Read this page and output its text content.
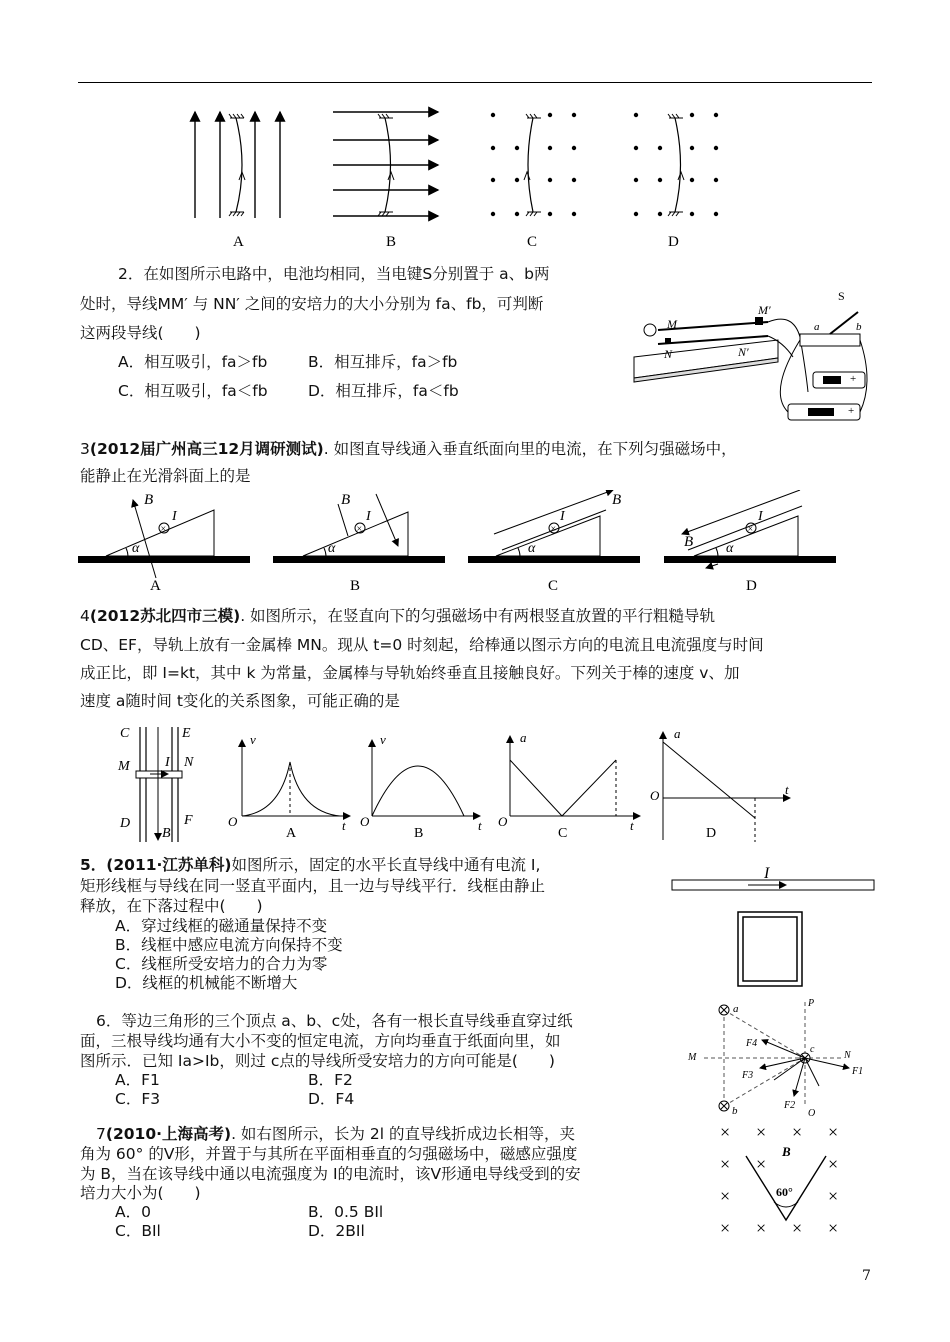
A	B	C	D
2．在如图所示电路中，电池均相同，当电键S分别置于 a、b两
处时，导线MM′ 与 NN′ 之间的安培力的大小分别为 fa、fb，可判断
这两段导线(　　)
A．相互吸引，fa＞fb	B．相互排斥，fa＞fb
C．相互吸引，fa＜fb	D．相互排斥，fa＜fb
M
M′
N	N′
S
a	b
+
+
3(2012届广州高三12月调研测试). 如图直导线通入垂直纸面向里的电流，在下列匀强磁场中，
能静止在光滑斜面上的是
×
B
I
α
×
B
I
α
×
B
I
α
×
B
I
α
A	B	C	D
4(2012苏北四市三模). 如图所示，在竖直向下的匀强磁场中有两根竖直放置的平行粗糙导轨
CD、EF，导轨上放有一金属棒 MN。现从 t=0 时刻起，给棒通以图示方向的电流且电流强度与时间
成正比，即 I=kt，其中 k 为常量，金属棒与导轨始终垂直且接触良好。下列关于棒的速度 v、加
速度 a随时间 t变化的关系图象，可能正确的是
C	E
M	I N
D	F
B
v
t
O
A
v
t
O
B
a
t
O
C
a
t
O
D
5．(2011·江苏单科)如图所示，固定的水平长直导线中通有电流 I,
矩形线框与导线在同一竖直平面内，且一边与导线平行．线框由静止
释放，在下落过程中(　　)
A．穿过线框的磁通量保持不变
B．线框中感应电流方向保持不变
C．线框所受安培力的合力为零
D．线框的机械能不断增大
I
6．等边三角形的三个顶点 a、b、c处，各有一根长直导线垂直穿过纸
面，三根导线均通有大小不变的恒定电流，方向均垂直于纸面向里，如
图所示．已知 Ia>Ib，则过 c点的导线所受安培力的方向可能是(　　)
A．F1	B．F2
C．F3	D．F4
a
b
c
P
O
M	N
F1
F2
F3
F4
7(2010·上海高考). 如右图所示，长为 2l 的直导线折成边长相等，夹
角为 60° 的V形，并置于与其所在平面相垂直的匀强磁场中，磁感应强度
为 B，当在该导线中通以电流强度为 I的电流时，该V形通电导线受到的安
培力大小为(　　)
A．0	B．0.5 BIl
C．BIl	D．2BIl
× × × ×
× ×	×
×	×
× × × ×
60°
B
7
